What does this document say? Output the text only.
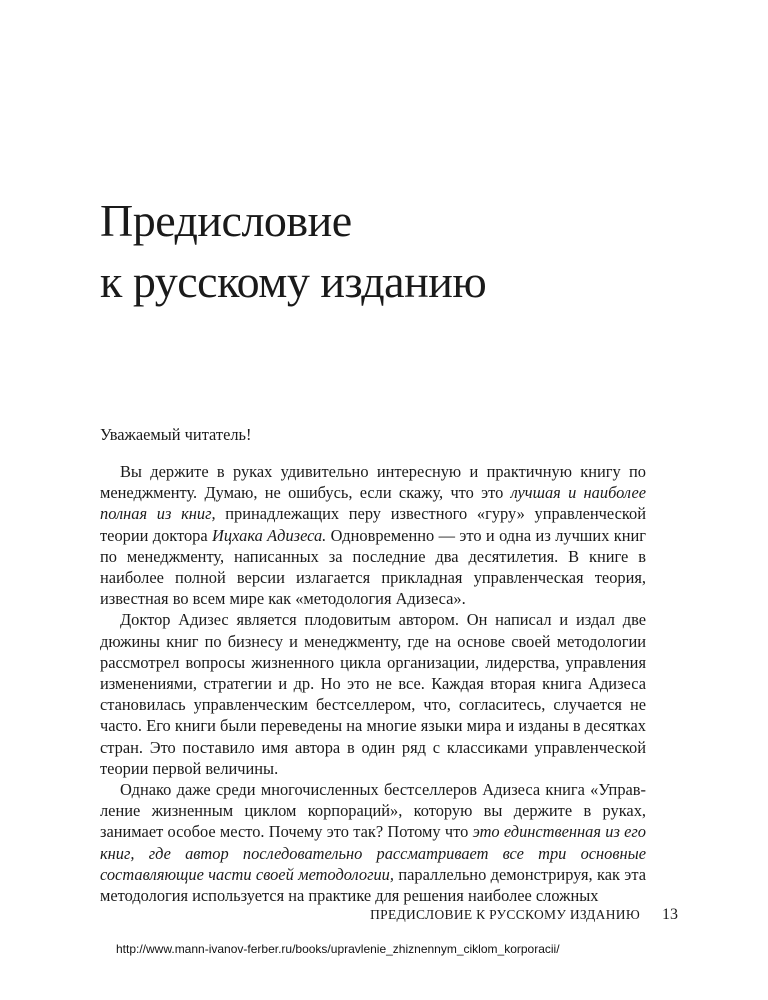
Предисловие
к русскому изданию

Уважаемый читатель!

Вы держите в руках удивительно интересную и практичную книгу по менеджменту. Думаю, не ошибусь, если скажу, что это лучшая и наиболее полная из книг, принадлежащих перу известного «гуру» управленческой теории доктора Ицхака Адизеса. Одновременно — это и одна из лучших книг по менеджменту, написанных за последние два десятилетия. В книге в наиболее полной версии излагается прикладная управленческая теория, известная во всем мире как «методология Адизеса».

Доктор Адизес является плодовитым автором. Он написал и издал две дюжины книг по бизнесу и менеджменту, где на основе своей методологии рассмотрел вопросы жизненного цикла организации, лидерства, управления изменениями, стратегии и др. Но это не все. Каждая вторая книга Адизеса становилась управленческим бестселлером, что, согласитесь, случается не часто. Его книги были переведены на многие языки мира и изданы в десятках стран. Это поставило имя автора в один ряд с классиками управленческой теории первой величины.

Однако даже среди многочисленных бестселлеров Адизеса книга «Управление жизненным циклом корпораций», которую вы держите в руках, занимает особое место. Почему это так? Потому что это единственная из его книг, где автор последовательно рассматривает все три основные составляющие части своей методологии, параллельно демонстрируя, как эта методология используется на практике для решения наиболее сложных

ПРЕДИСЛОВИЕ К РУССКОМУ ИЗДАНИЮ 13
http://www.mann-ivanov-ferber.ru/books/upravlenie_zhiznennym_ciklom_korporacii/
